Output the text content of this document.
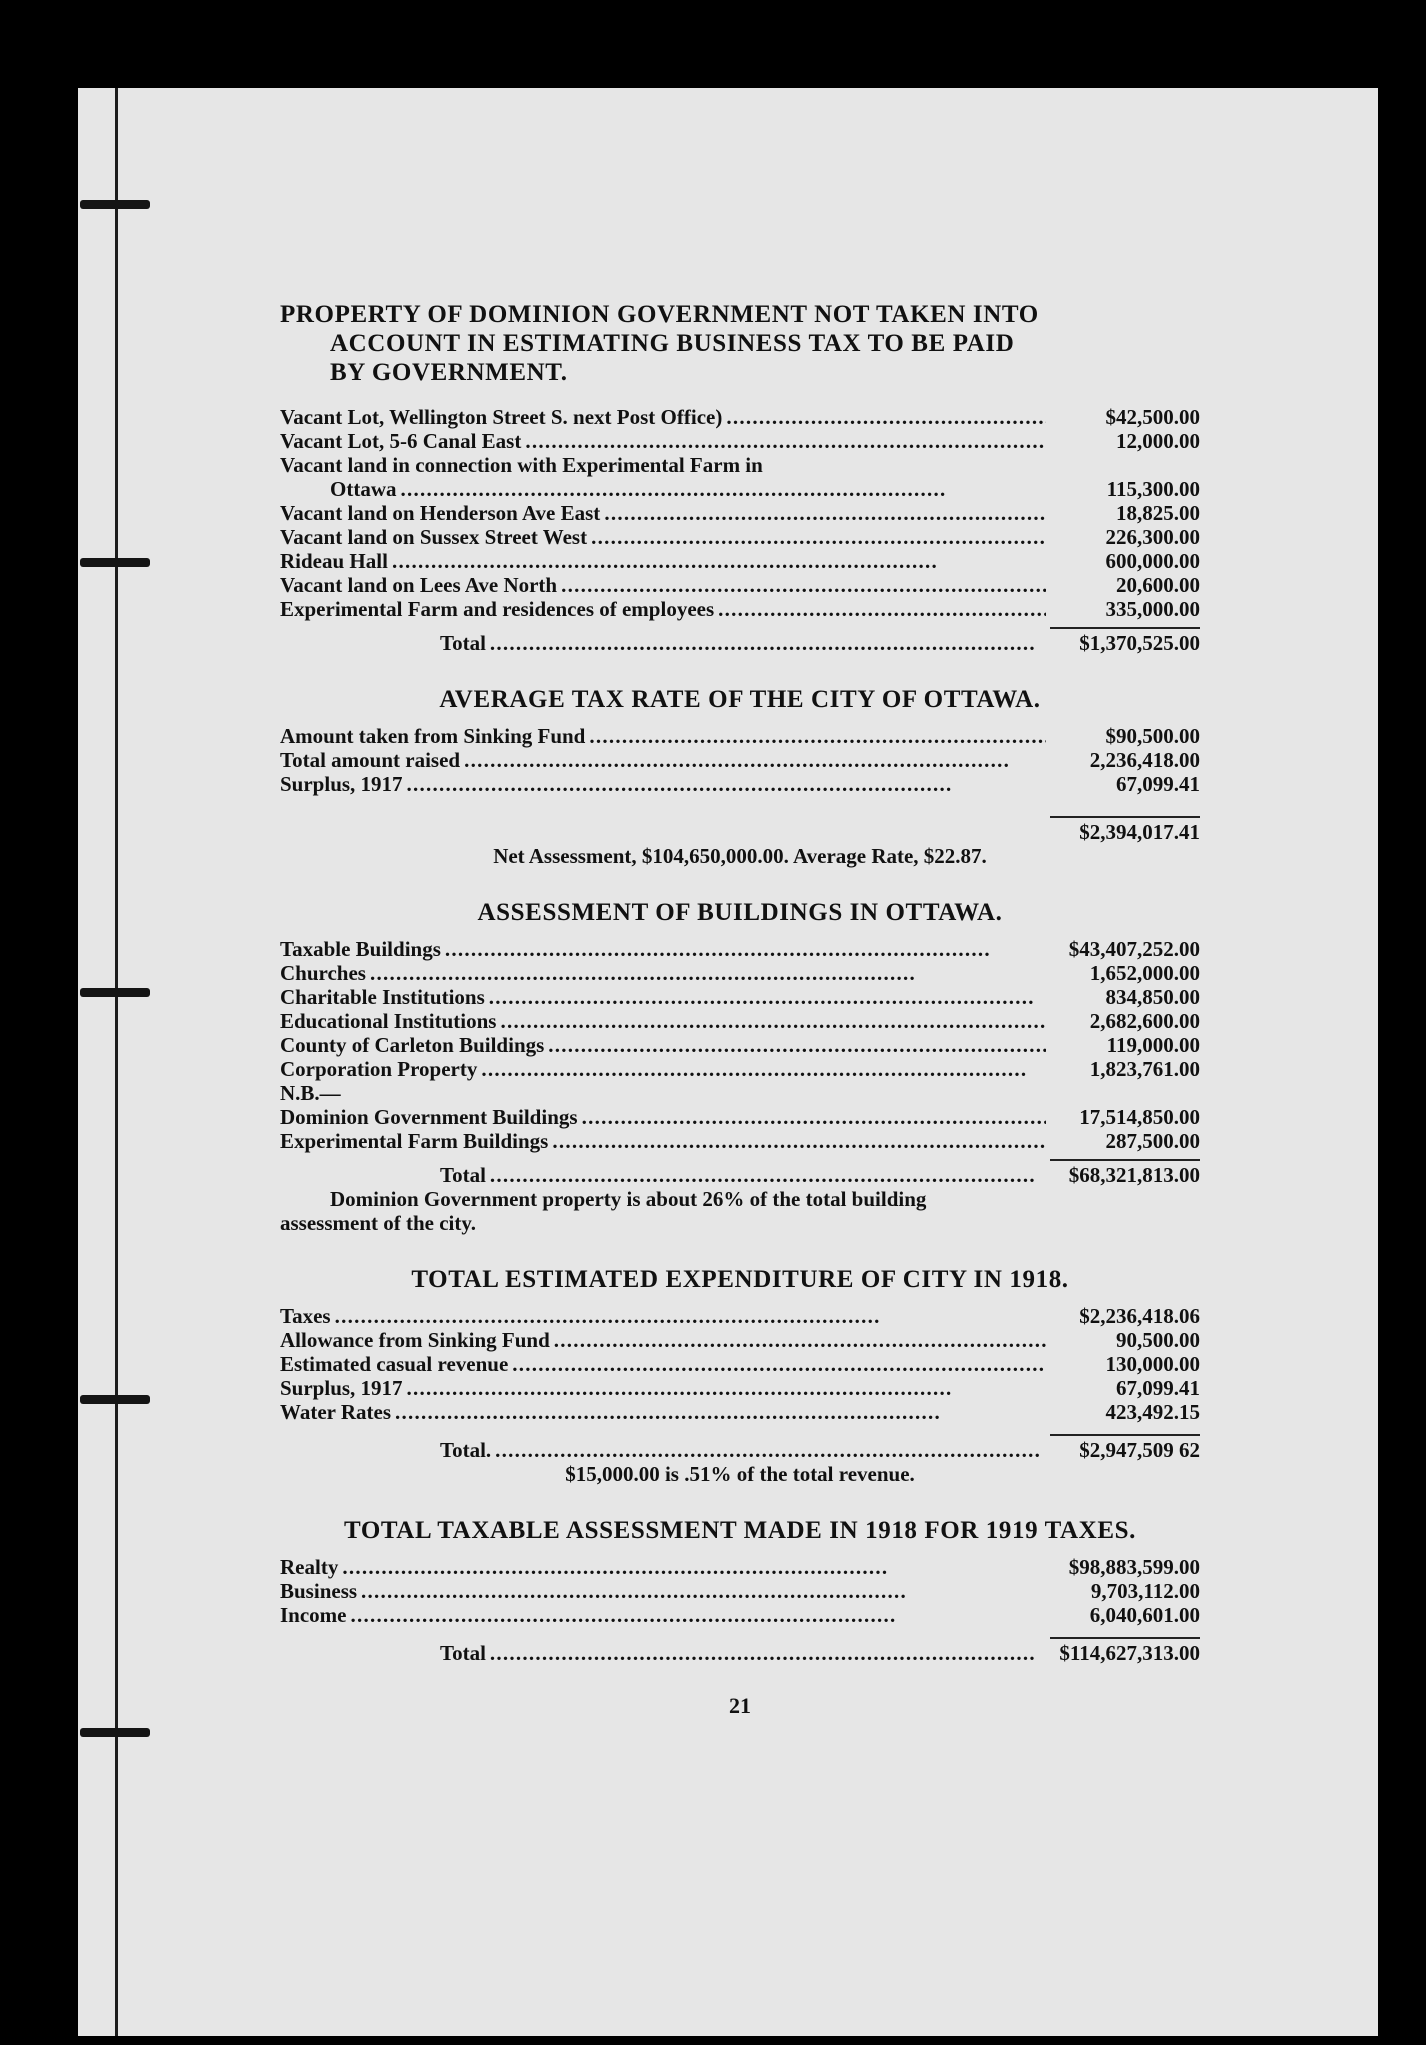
PROPERTY OF DOMINION GOVERNMENT NOT TAKEN INTO
ACCOUNT IN ESTIMATING BUSINESS TAX TO BE PAID
BY GOVERNMENT.
Vacant Lot, Wellington Street S. next Post Office) . . .	$42,500.00
Vacant Lot, 5-6 Canal East . . .	12,000.00
Vacant land in connection with Experimental Farm in
Ottawa . . .	115,300.00
Vacant land on Henderson Ave East . . .	18,825.00
Vacant land on Sussex Street West . . .	226,300.00
Rideau Hall . . .	600,000.00
Vacant land on Lees Ave North . . .	20,600.00
Experimental Farm and residences of employees . . .	335,000.00
Total . . .	$1,370,525.00
AVERAGE TAX RATE OF THE CITY OF OTTAWA.
Amount taken from Sinking Fund . . .	$90,500.00
Total amount raised . . .	2,236,418.00
Surplus, 1917 . . .	67,099.41
$2,394,017.41
Net Assessment, $104,650,000.00. Average Rate, $22.87.
ASSESSMENT OF BUILDINGS IN OTTAWA.
Taxable Buildings . . .	$43,407,252.00
Churches . . .	1,652,000.00
Charitable Institutions . . .	834,850.00
Educational Institutions . . .	2,682,600.00
County of Carleton Buildings . . .	119,000.00
Corporation Property . . .	1,823,761.00
N.B.—
Dominion Government Buildings . . .	17,514,850.00
Experimental Farm Buildings . . .	287,500.00
Total . . .	$68,321,813.00
Dominion Government property is about 26% of the total building
assessment of the city.
TOTAL ESTIMATED EXPENDITURE OF CITY IN 1918.
Taxes . . .	$2,236,418.06
Allowance from Sinking Fund . . .	90,500.00
Estimated casual revenue . . .	130,000.00
Surplus, 1917 . . .	67,099.41
Water Rates . . .	423,492.15
Total. . . .	$2,947,509 62
$15,000.00 is .51% of the total revenue.
TOTAL TAXABLE ASSESSMENT MADE IN 1918 FOR 1919 TAXES.
Realty . . .	$98,883,599.00
Business . . .	9,703,112.00
Income . . .	6,040,601.00
Total . . .	$114,627,313.00
21
